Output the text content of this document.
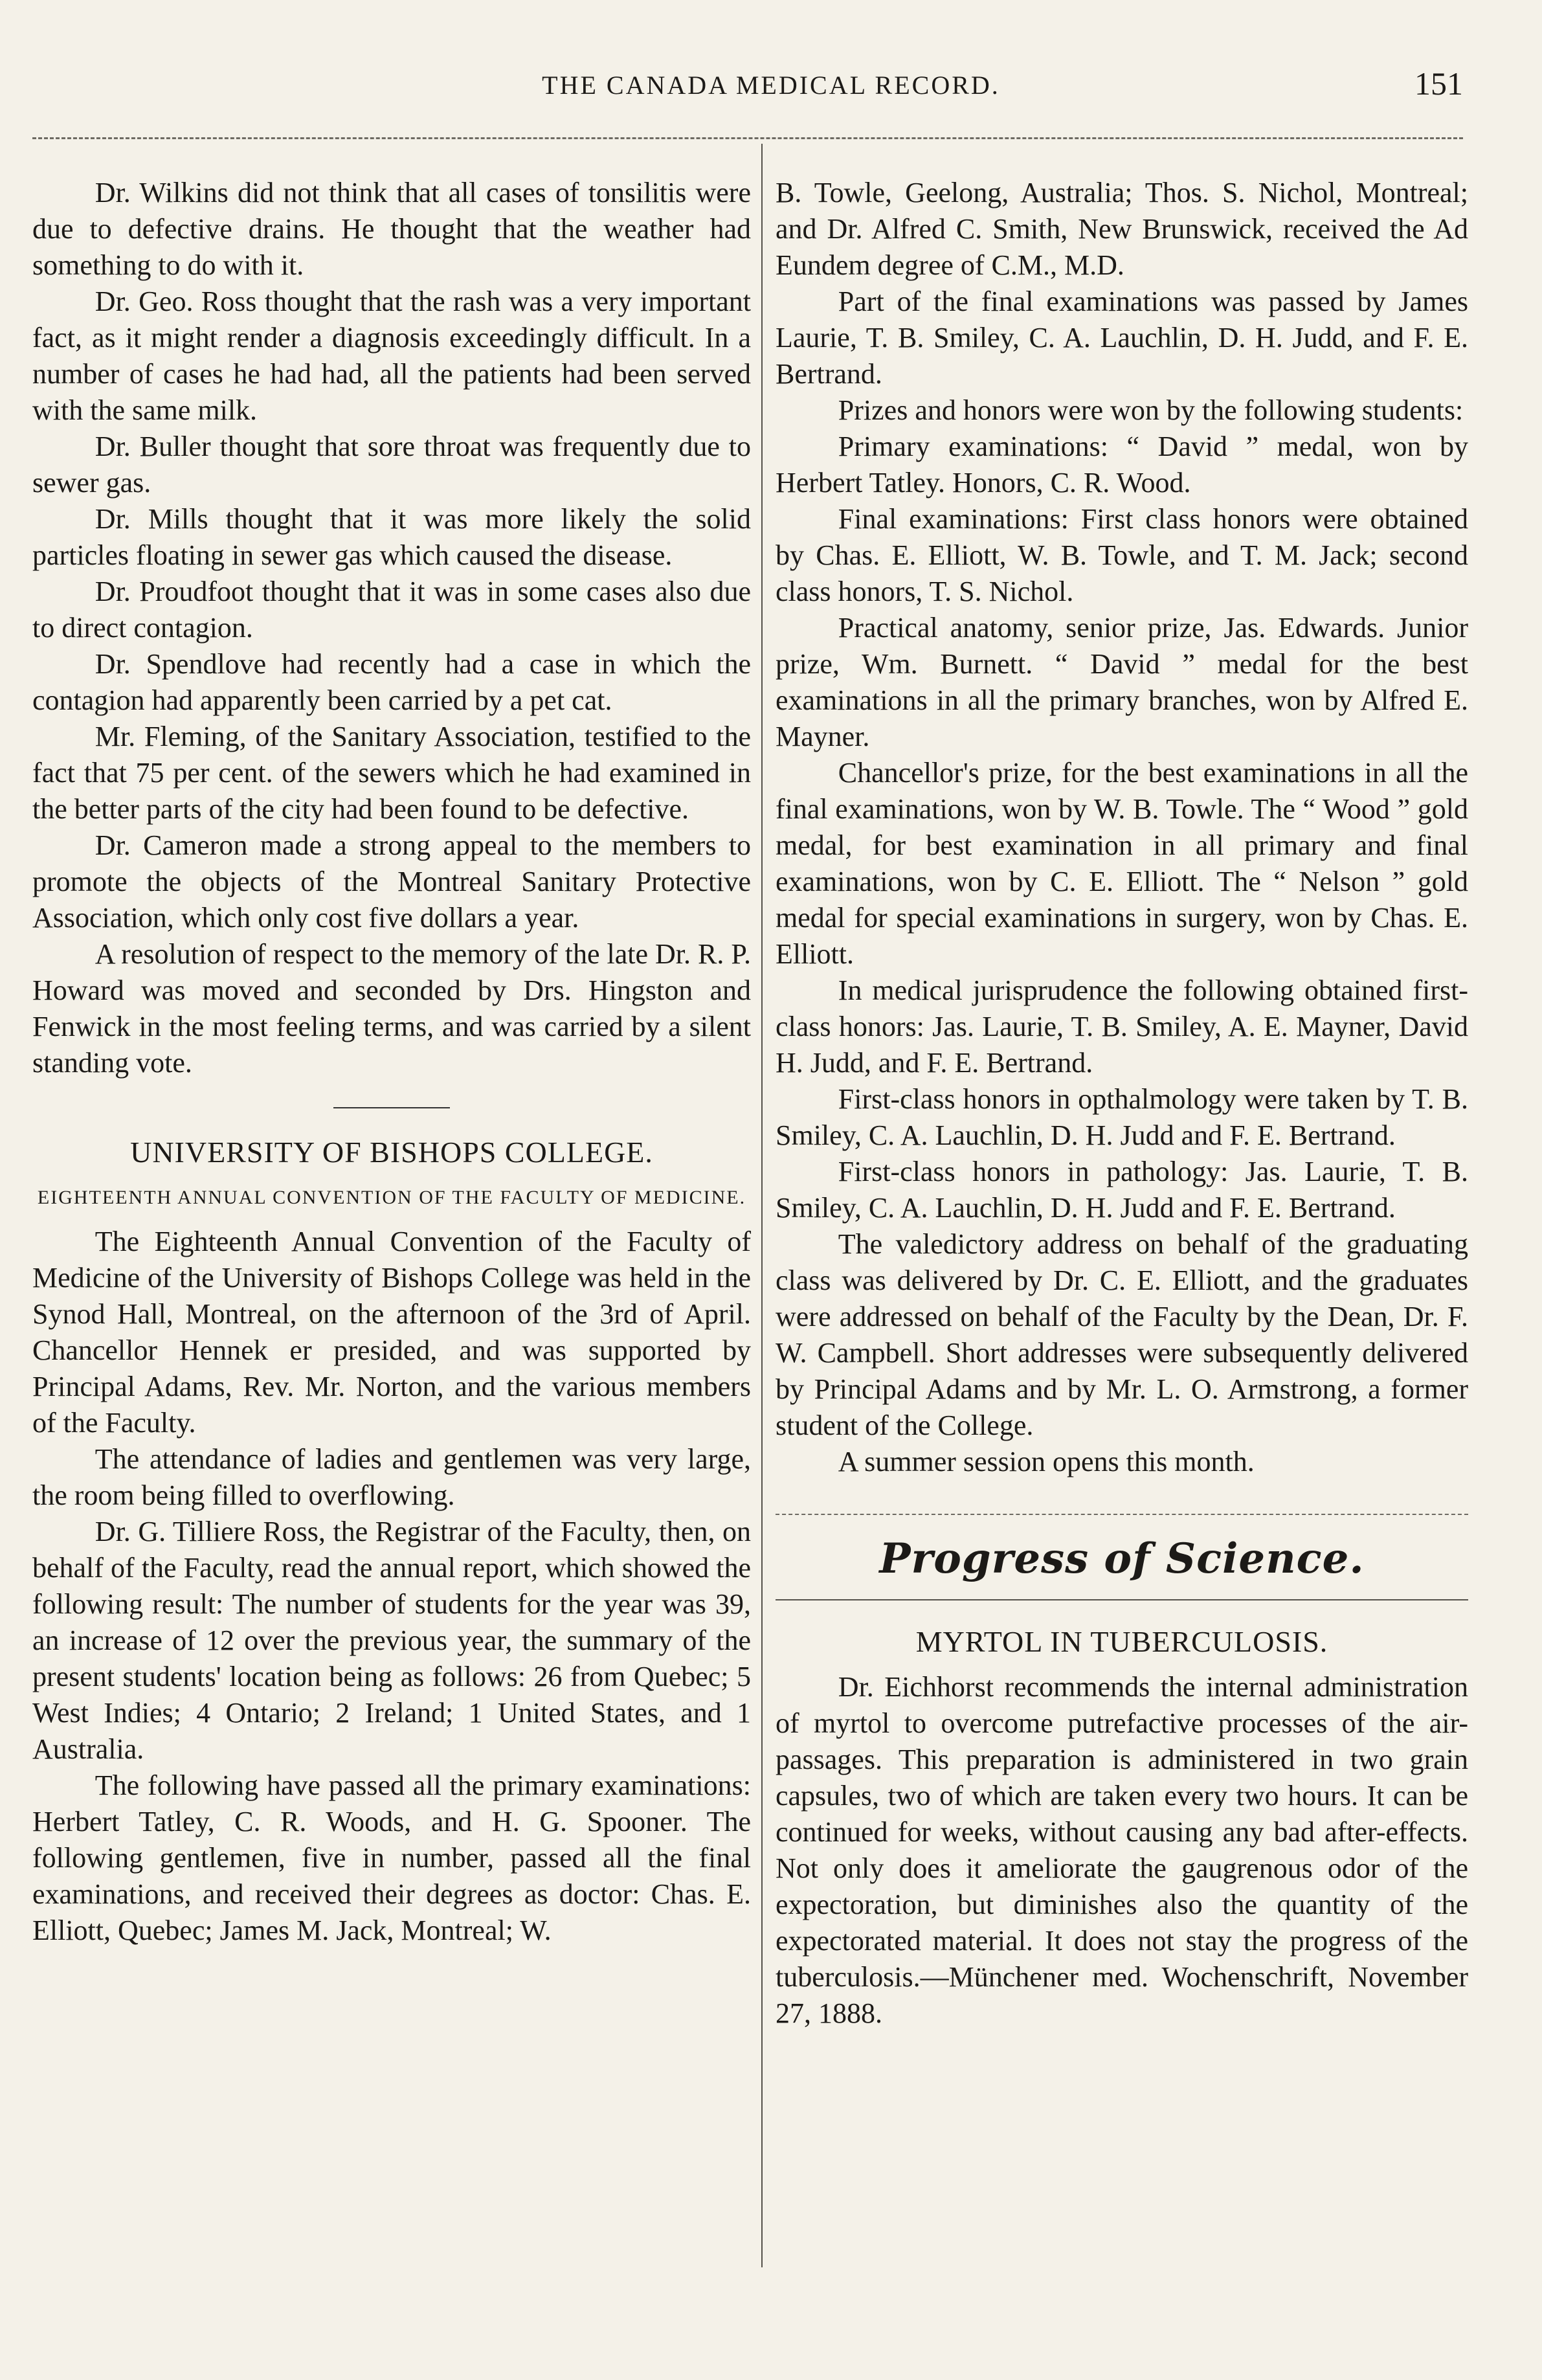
THE CANADA MEDICAL RECORD.	151

Dr. Wilkins did not think that all cases of tonsilitis were due to defective drains. He thought that the weather had something to do with it.

Dr. Geo. Ross thought that the rash was a very important fact, as it might render a diagnosis exceedingly difficult. In a number of cases he had had, all the patients had been served with the same milk.

Dr. Buller thought that sore throat was frequently due to sewer gas.

Dr. Mills thought that it was more likely the solid particles floating in sewer gas which caused the disease.

Dr. Proudfoot thought that it was in some cases also due to direct contagion.

Dr. Spendlove had recently had a case in which the contagion had apparently been carried by a pet cat.

Mr. Fleming, of the Sanitary Association, testified to the fact that 75 per cent. of the sewers which he had examined in the better parts of the city had been found to be defective.

Dr. Cameron made a strong appeal to the members to promote the objects of the Montreal Sanitary Protective Association, which only cost five dollars a year.

A resolution of respect to the memory of the late Dr. R. P. Howard was moved and seconded by Drs. Hingston and Fenwick in the most feeling terms, and was carried by a silent standing vote.

UNIVERSITY OF BISHOPS COLLEGE.

EIGHTEENTH ANNUAL CONVENTION OF THE FACULTY OF MEDICINE.

The Eighteenth Annual Convention of the Faculty of Medicine of the University of Bishops College was held in the Synod Hall, Montreal, on the afternoon of the 3rd of April. Chancellor Hennek er presided, and was supported by Principal Adams, Rev. Mr. Norton, and the various members of the Faculty.

The attendance of ladies and gentlemen was very large, the room being filled to overflowing.

Dr. G. Tilliere Ross, the Registrar of the Faculty, then, on behalf of the Faculty, read the annual report, which showed the following result: The number of students for the year was 39, an increase of 12 over the previous year, the summary of the present students' location being as follows: 26 from Quebec; 5 West Indies; 4 Ontario; 2 Ireland; 1 United States, and 1 Australia.

The following have passed all the primary examinations: Herbert Tatley, C. R. Woods, and H. G. Spooner. The following gentlemen, five in number, passed all the final examinations, and received their degrees as doctor: Chas. E. Elliott, Quebec; James M. Jack, Montreal; W.

B. Towle, Geelong, Australia; Thos. S. Nichol, Montreal; and Dr. Alfred C. Smith, New Brunswick, received the Ad Eundem degree of C.M., M.D.

Part of the final examinations was passed by James Laurie, T. B. Smiley, C. A. Lauchlin, D. H. Judd, and F. E. Bertrand.

Prizes and honors were won by the following students:

Primary examinations: “ David ” medal, won by Herbert Tatley. Honors, C. R. Wood.

Final examinations: First class honors were obtained by Chas. E. Elliott, W. B. Towle, and T. M. Jack; second class honors, T. S. Nichol.

Practical anatomy, senior prize, Jas. Edwards. Junior prize, Wm. Burnett. “ David ” medal for the best examinations in all the primary branches, won by Alfred E. Mayner.

Chancellor's prize, for the best examinations in all the final examinations, won by W. B. Towle. The “ Wood ” gold medal, for best examination in all primary and final examinations, won by C. E. Elliott. The “ Nelson ” gold medal for special examinations in surgery, won by Chas. E. Elliott.

In medical jurisprudence the following obtained first-class honors: Jas. Laurie, T. B. Smiley, A. E. Mayner, David H. Judd, and F. E. Bertrand.

First-class honors in opthalmology were taken by T. B. Smiley, C. A. Lauchlin, D. H. Judd and F. E. Bertrand.

First-class honors in pathology: Jas. Laurie, T. B. Smiley, C. A. Lauchlin, D. H. Judd and F. E. Bertrand.

The valedictory address on behalf of the graduating class was delivered by Dr. C. E. Elliott, and the graduates were addressed on behalf of the Faculty by the Dean, Dr. F. W. Campbell. Short addresses were subsequently delivered by Principal Adams and by Mr. L. O. Armstrong, a former student of the College.

A summer session opens this month.

Progress of Science.

MYRTOL IN TUBERCULOSIS.

Dr. Eichhorst recommends the internal administration of myrtol to overcome putrefactive processes of the air-passages. This preparation is administered in two grain capsules, two of which are taken every two hours. It can be continued for weeks, without causing any bad after-effects. Not only does it ameliorate the gaugrenous odor of the expectoration, but diminishes also the quantity of the expectorated material. It does not stay the progress of the tuberculosis.—Münchener med. Wochenschrift, November 27, 1888.
